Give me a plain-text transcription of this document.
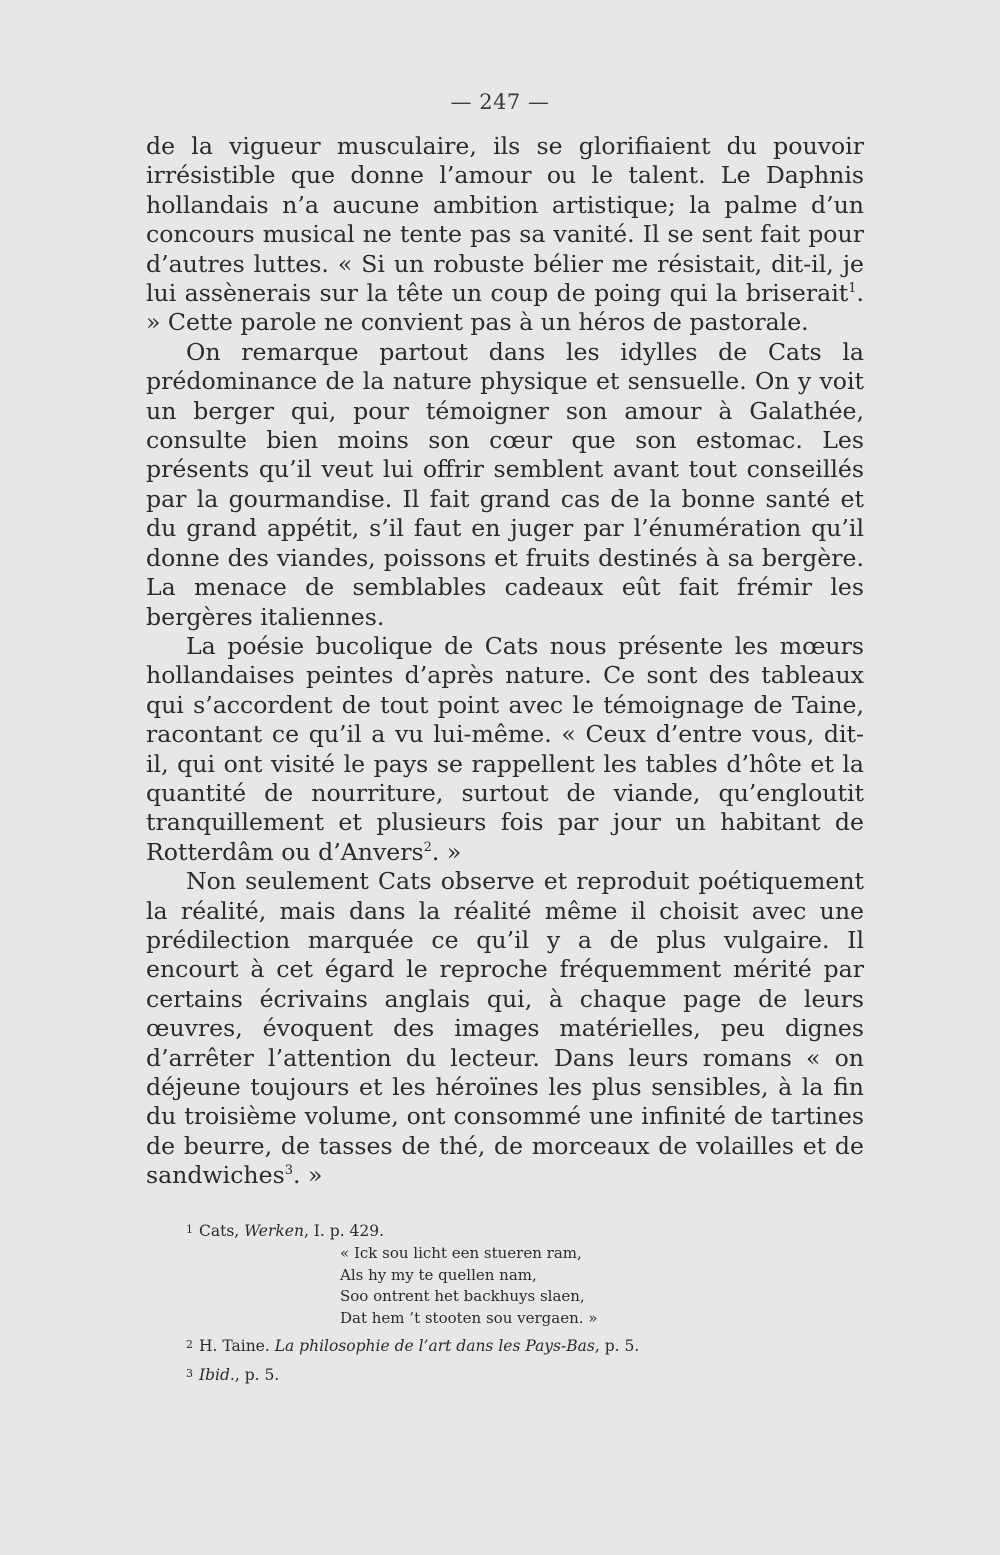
— 247 —

de la vigueur musculaire, ils se glorifiaient du pouvoir irrésistible que donne l’amour ou le talent. Le Daphnis hollandais n’a aucune ambition artistique; la palme d’un concours musical ne tente pas sa vanité. Il se sent fait pour d’autres luttes. « Si un robuste bélier me résistait, dit-il, je lui assènerais sur la tête un coup de poing qui la briserait$^1$. » Cette parole ne convient pas à un héros de pastorale.

On remarque partout dans les idylles de Cats la prédominance de la nature physique et sensuelle. On y voit un berger qui, pour témoigner son amour à Galathée, consulte bien moins son cœur que son estomac. Les présents qu’il veut lui offrir semblent avant tout conseillés par la gourmandise. Il fait grand cas de la bonne santé et du grand appétit, s’il faut en juger par l’énumération qu’il donne des viandes, poissons et fruits destinés à sa bergère. La menace de semblables cadeaux eût fait frémir les bergères italiennes.

La poésie bucolique de Cats nous présente les mœurs hollandaises peintes d’après nature. Ce sont des tableaux qui s’accordent de tout point avec le témoignage de Taine, racontant ce qu’il a vu lui-même. « Ceux d’entre vous, dit-il, qui ont visité le pays se rappellent les tables d’hôte et la quantité de nourriture, surtout de viande, qu’engloutit tranquillement et plusieurs fois par jour un habitant de Rotterdâm ou d’Anvers$^2$. »

Non seulement Cats observe et reproduit poétiquement la réalité, mais dans la réalité même il choisit avec une prédilection marquée ce qu’il y a de plus vulgaire. Il encourt à cet égard le reproche fréquemment mérité par certains écrivains anglais qui, à chaque page de leurs œuvres, évoquent des images matérielles, peu dignes d’arrêter l’attention du lecteur. Dans leurs romans « on déjeune toujours et les héroïnes les plus sensibles, à la fin du troisième volume, ont consommé une infinité de tartines de beurre, de tasses de thé, de morceaux de volailles et de sandwiches$^3$. »

1 Cats, Werken, I. p. 429.
« Ick sou licht een stueren ram,
Als hy my te quellen nam,
Soo ontrent het backhuys slaen,
Dat hem ’t stooten sou vergaen. »
2 H. Taine. La philosophie de l’art dans les Pays-Bas, p. 5.
3 Ibid., p. 5.
